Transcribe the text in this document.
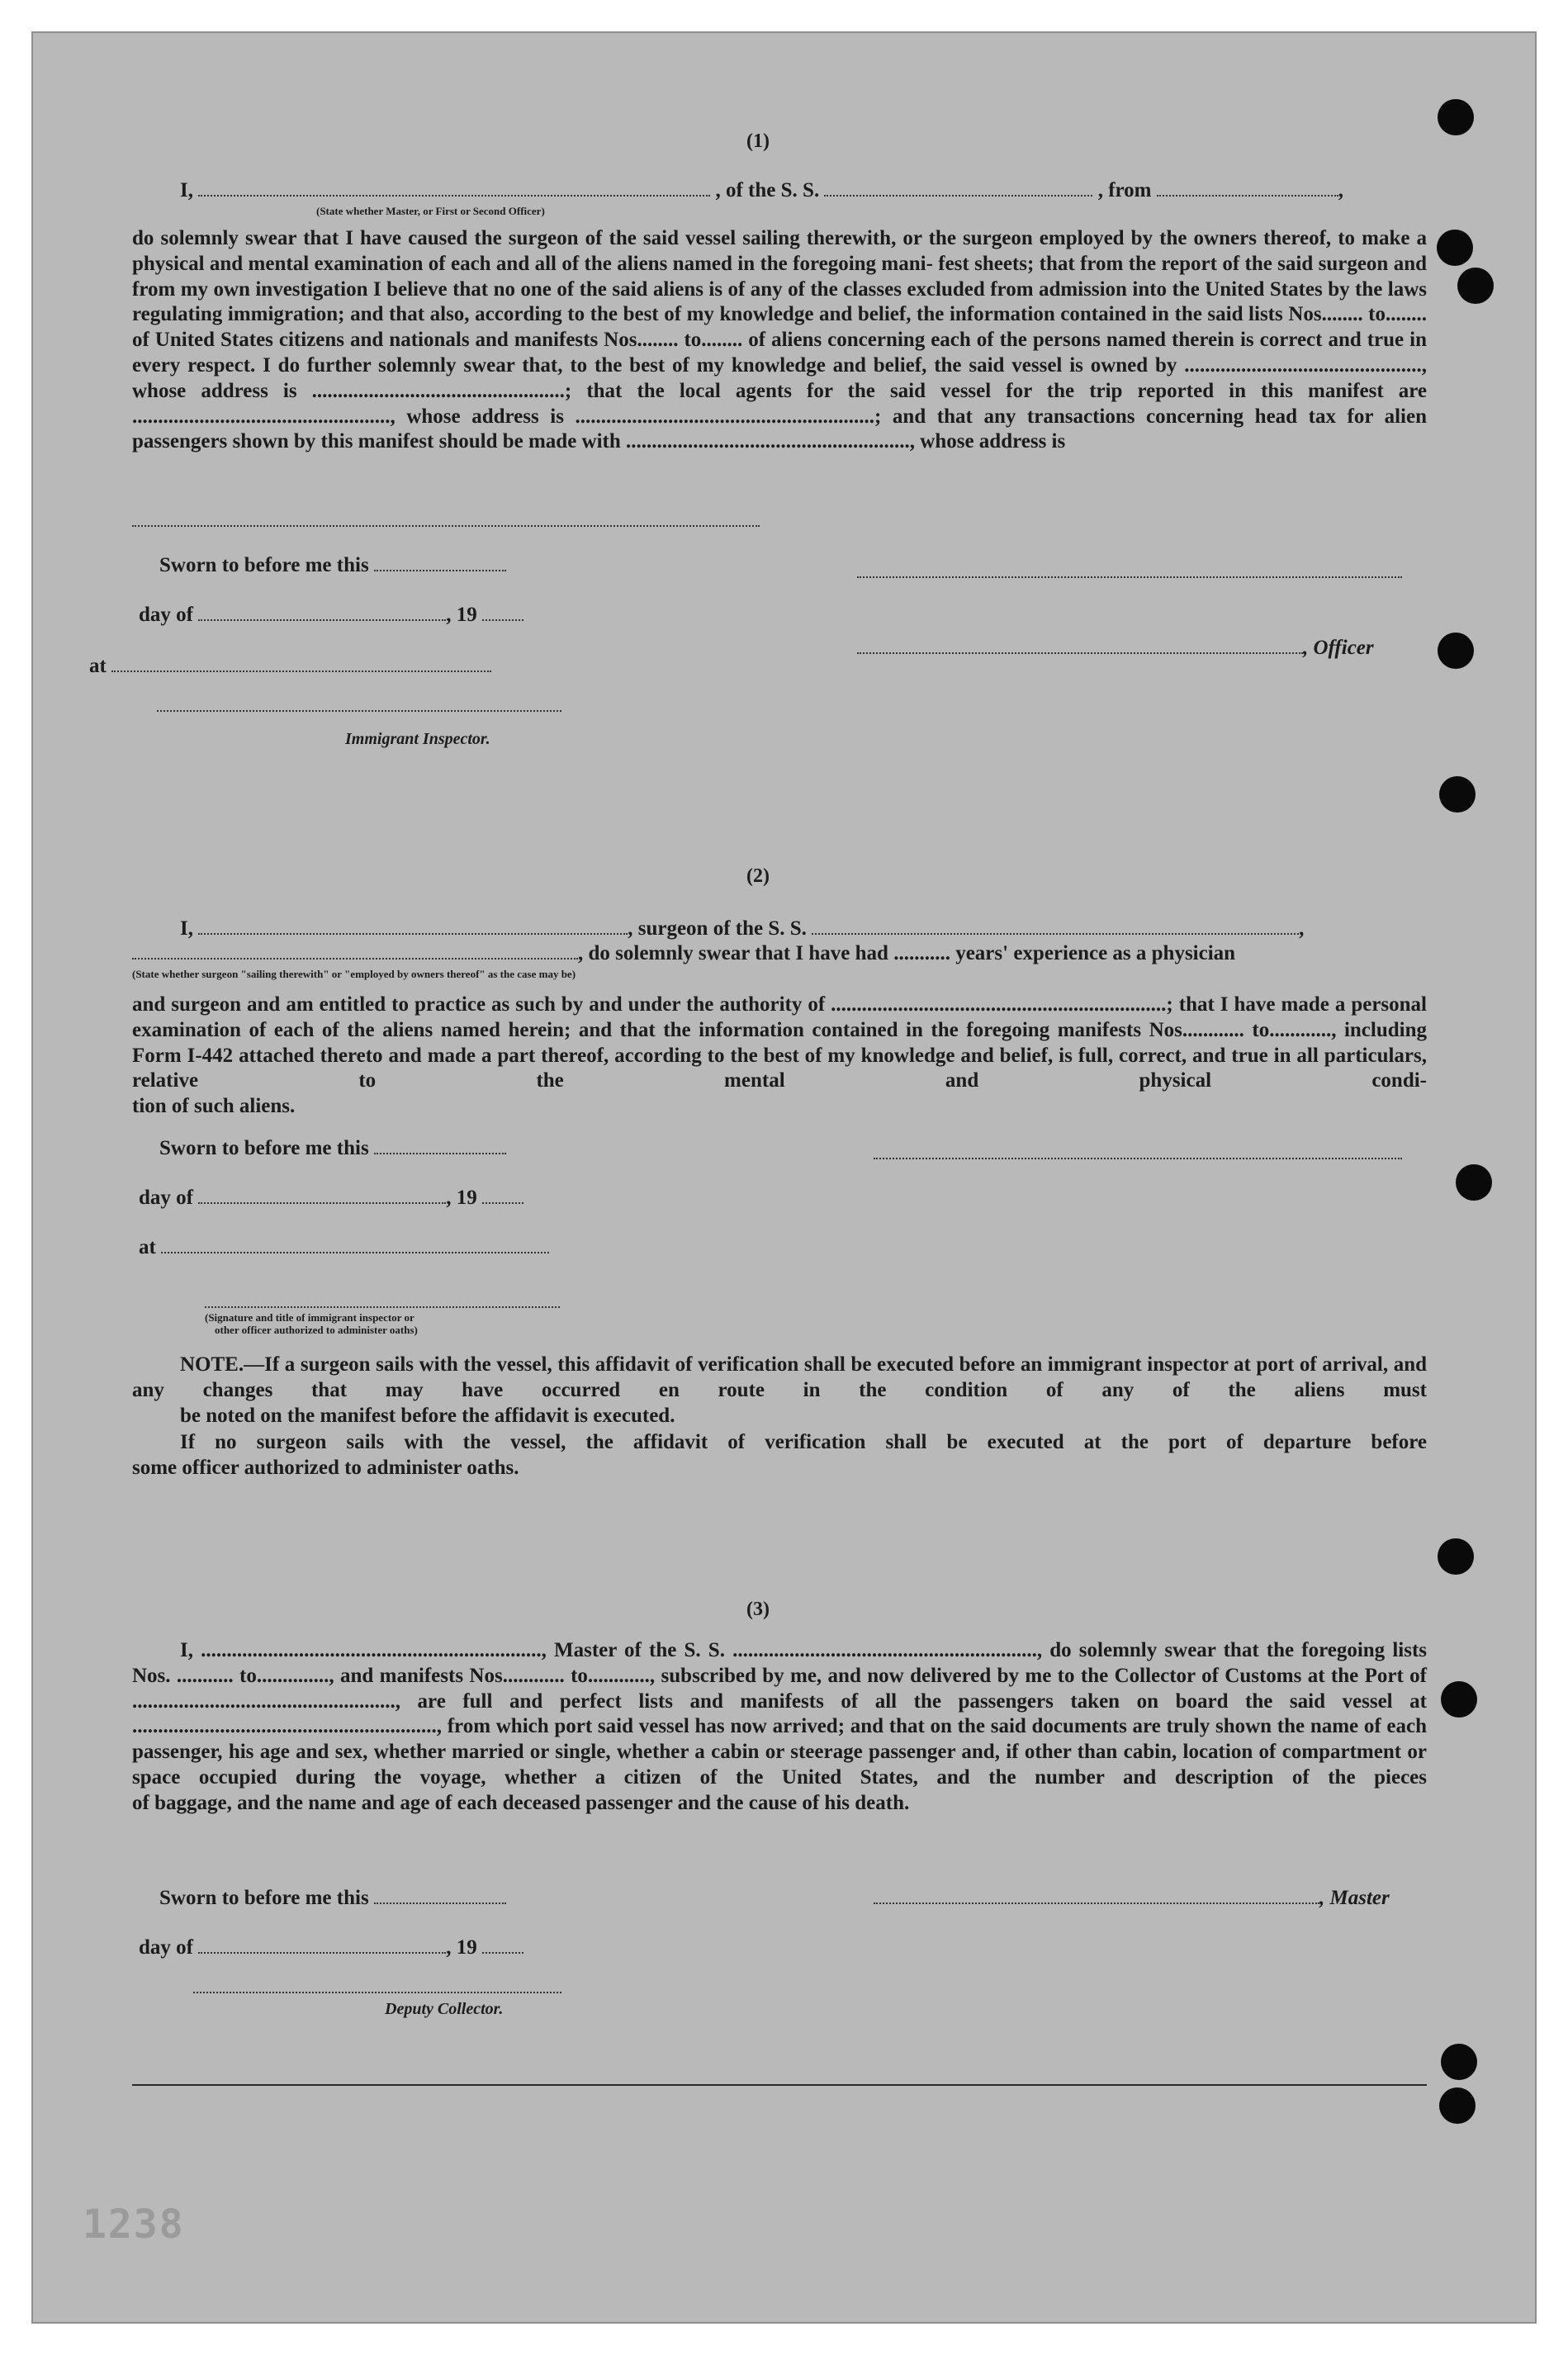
(1)
I,	, of the S. S.	, from	,
(State whether Master, or First or Second Officer)
do solemnly swear that I have caused the surgeon of the said vessel sailing therewith, or the surgeon employed by the owners thereof, to make a physical and mental examination of each and all of the aliens named in the foregoing mani- fest sheets; that from the report of the said surgeon and from my own investigation I believe that no one of the said aliens is of any of the classes excluded from admission into the United States by the laws regulating immigration; and that also, according to the best of my knowledge and belief, the information contained in the said lists Nos........ to........ of United States citizens and nationals and manifests Nos........ to........ of aliens concerning each of the persons named therein is correct and true in every respect. I do further solemnly swear that, to the best of my knowledge and belief, the said vessel is owned by .............................................., whose address is .................................................; that the local agents for the said vessel for the trip reported in this manifest are .................................................., whose address is ..........................................................; and that any transactions concerning head tax for alien
passengers shown by this manifest should be made with ......................................................., whose address is
Sworn to before me this
day of	, 19
at
, Officer
Immigrant Inspector.
(2)
I,	, surgeon of the S. S.	,
, do solemnly swear that I have had ........... years' experience as a physician
(State whether surgeon "sailing therewith" or "employed by owners thereof" as the case may be)
and surgeon and am entitled to practice as such by and under the authority of .................................................................; that I have made a personal examination of each of the aliens named herein; and that the information contained in the foregoing manifests Nos............ to............, including Form I-442 attached thereto and made a part thereof, according to the best of my knowledge and belief, is full, correct, and true in all particulars, relative to the mental and physical condi-
tion of such aliens.
Sworn to before me this
day of	, 19
at
(Signature and title of immigrant inspector or
other officer authorized to administer oaths)
NOTE.—If a surgeon sails with the vessel, this affidavit of verification shall be executed before an immigrant inspector at port of arrival, and any changes that may have occurred en route in the condition of any of the aliens must
be noted on the manifest before the affidavit is executed.
If no surgeon sails with the vessel, the affidavit of verification shall be executed at the port of departure before
some officer authorized to administer oaths.
(3)
I, .................................................................., Master of the S. S. ..........................................................., do solemnly swear that the foregoing lists Nos. ........... to.............., and manifests Nos............ to............, subscribed by me, and now delivered by me to the Collector of Customs at the Port of ..................................................., are full and perfect lists and manifests of all the passengers taken on board the said vessel at ..........................................................., from which port said vessel has now arrived; and that on the said documents are truly shown the name of each passenger, his age and sex, whether married or single, whether a cabin or steerage passenger and, if other than cabin, location of compartment or space occupied during the voyage, whether a citizen of the United States, and the number and description of the pieces
of baggage, and the name and age of each deceased passenger and the cause of his death.
Sworn to before me this	, Master
day of	, 19
Deputy Collector.
1238
